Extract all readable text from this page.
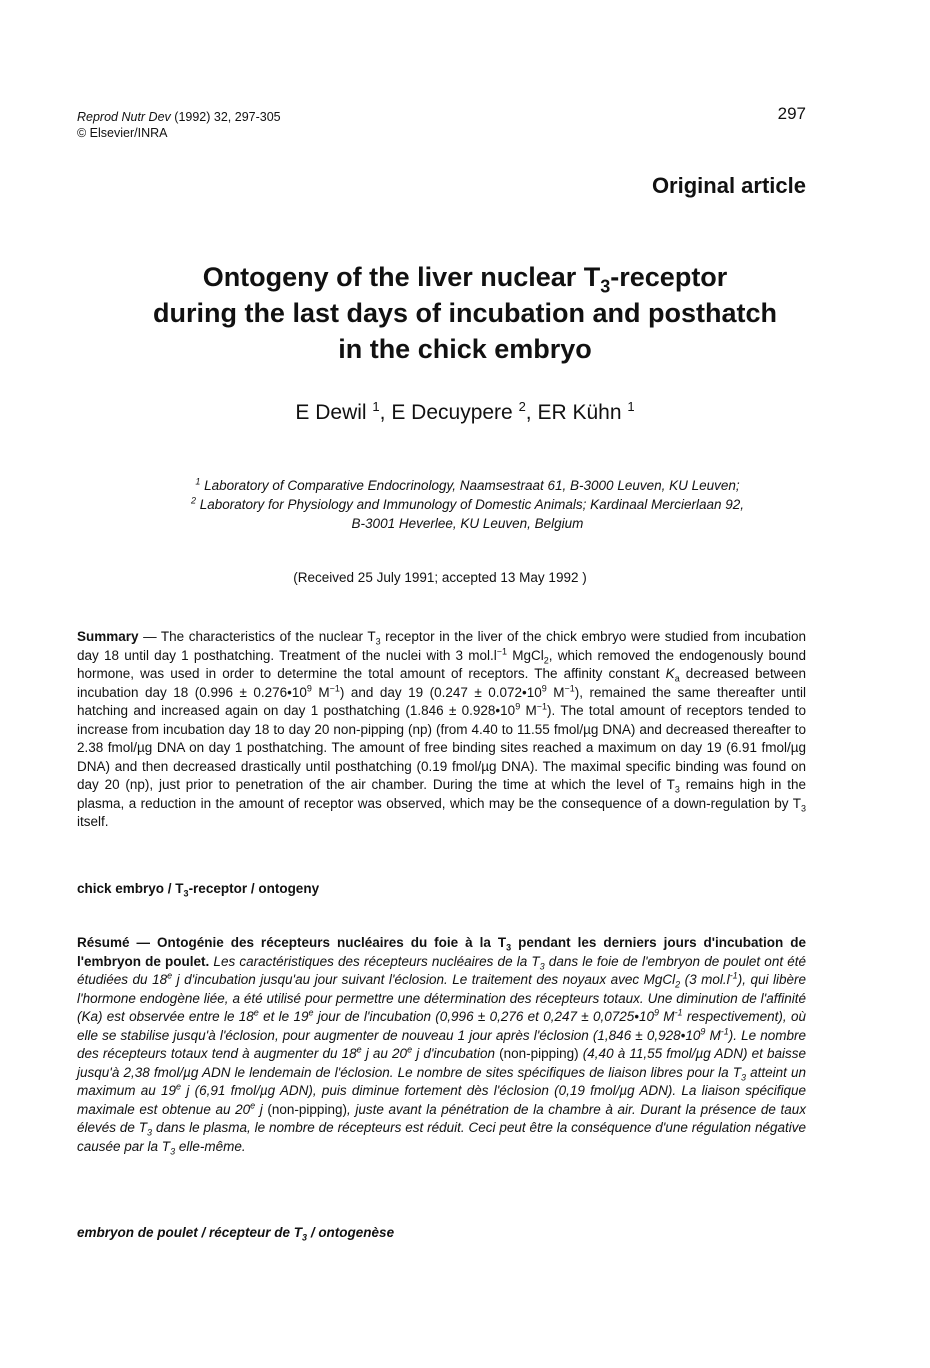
Reprod Nutr Dev (1992) 32, 297-305
© Elsevier/INRA
297
Original article
Ontogeny of the liver nuclear $T_3$-receptor
during the last days of incubation and posthatch
in the chick embryo
E Dewil $^1$, E Decuypere $^2$, ER Kühn $^1$
$^1$ Laboratory of Comparative Endocrinology, Naamsestraat 61, B-3000 Leuven, KU Leuven;
$^2$ Laboratory for Physiology and Immunology of Domestic Animals; Kardinaal Mercierlaan 92,
B-3001 Heverlee, KU Leuven, Belgium
(Received 25 July 1991; accepted 13 May 1992 )
Summary — The characteristics of the nuclear $T_3$ receptor in the liver of the chick embryo were studied from incubation day 18 until day 1 posthatching. Treatment of the nuclei with 3 $mol.l^{-1}$ MgCl$_2$, which removed the endogenously bound hormone, was used in order to determine the total amount of receptors. The affinity constant $K_a$ decreased between incubation day 18 ($0.996 \pm 0.276•10^9$ $M^{-1}$) and day 19 ($0.247 \pm 0.072•10^9$ $M^{-1}$), remained the same thereafter until hatching and increased again on day 1 posthatching ($1.846 \pm 0.928•10^9$ $M^{-1}$). The total amount of receptors tended to increase from incubation day 18 to day 20 non-pipping (np) (from 4.40 to 11.55 fmol/µg DNA) and decreased thereafter to 2.38 fmol/µg DNA on day 1 posthatching. The amount of free binding sites reached a maximum on day 19 (6.91 fmol/µg DNA) and then decreased drastically until posthatching (0.19 fmol/µg DNA). The maximal specific binding was found on day 20 (np), just prior to penetration of the air chamber. During the time at which the level of $T_3$ remains high in the plasma, a reduction in the amount of receptor was observed, which may be the consequence of a down-regulation by $T_3$ itself.
chick embryo / $T_3$-receptor / ontogeny
Résumé — Ontogénie des récepteurs nucléaires du foie à la $T_3$ pendant les derniers jours d'incubation de l'embryon de poulet. Les caractéristiques des récepteurs nucléaires de la $T_3$ dans le foie de l'embryon de poulet ont été étudiées du 18e j d'incubation jusqu'au jour suivant l'éclosion. Le traitement des noyaux avec MgCl$_2$ (3 $mol.l^{-1}$), qui libère l'hormone endogène liée, a été utilisé pour permettre une détermination des récepteurs totaux. Une diminution de l'affinité (Ka) est observée entre le 18e et le 19e jour de l'incubation (0,996 ± 0,276 et $0,247 \pm 0,0725•10^9$ $M^{-1}$ respectivement), où elle se stabilise jusqu'à l'éclosion, pour augmenter de nouveau 1 jour après l'éclosion ($1,846 \pm 0,928•10^9$ $M^{-1}$). Le nombre des récepteurs totaux tend à augmenter du 18e j au 20e j d'incubation (non-pipping) (4,40 à 11,55 fmol/µg ADN) et baisse jusqu'à 2,38 fmol/µg ADN le lendemain de l'éclosion. Le nombre de sites spécifiques de liaison libres pour la $T_3$ atteint un maximum au 19e j (6,91 fmol/µg ADN), puis diminue fortement dès l'éclosion (0,19 fmol/µg ADN). La liaison spécifique maximale est obtenue au 20e j (non-pipping), juste avant la pénétration de la chambre à air. Durant la présence de taux élevés de $T_3$ dans le plasma, le nombre de récepteurs est réduit. Ceci peut être la conséquence d'une régulation négative causée par la $T_3$ elle-même.
embryon de poulet / récepteur de $T_3$ / ontogenèse
